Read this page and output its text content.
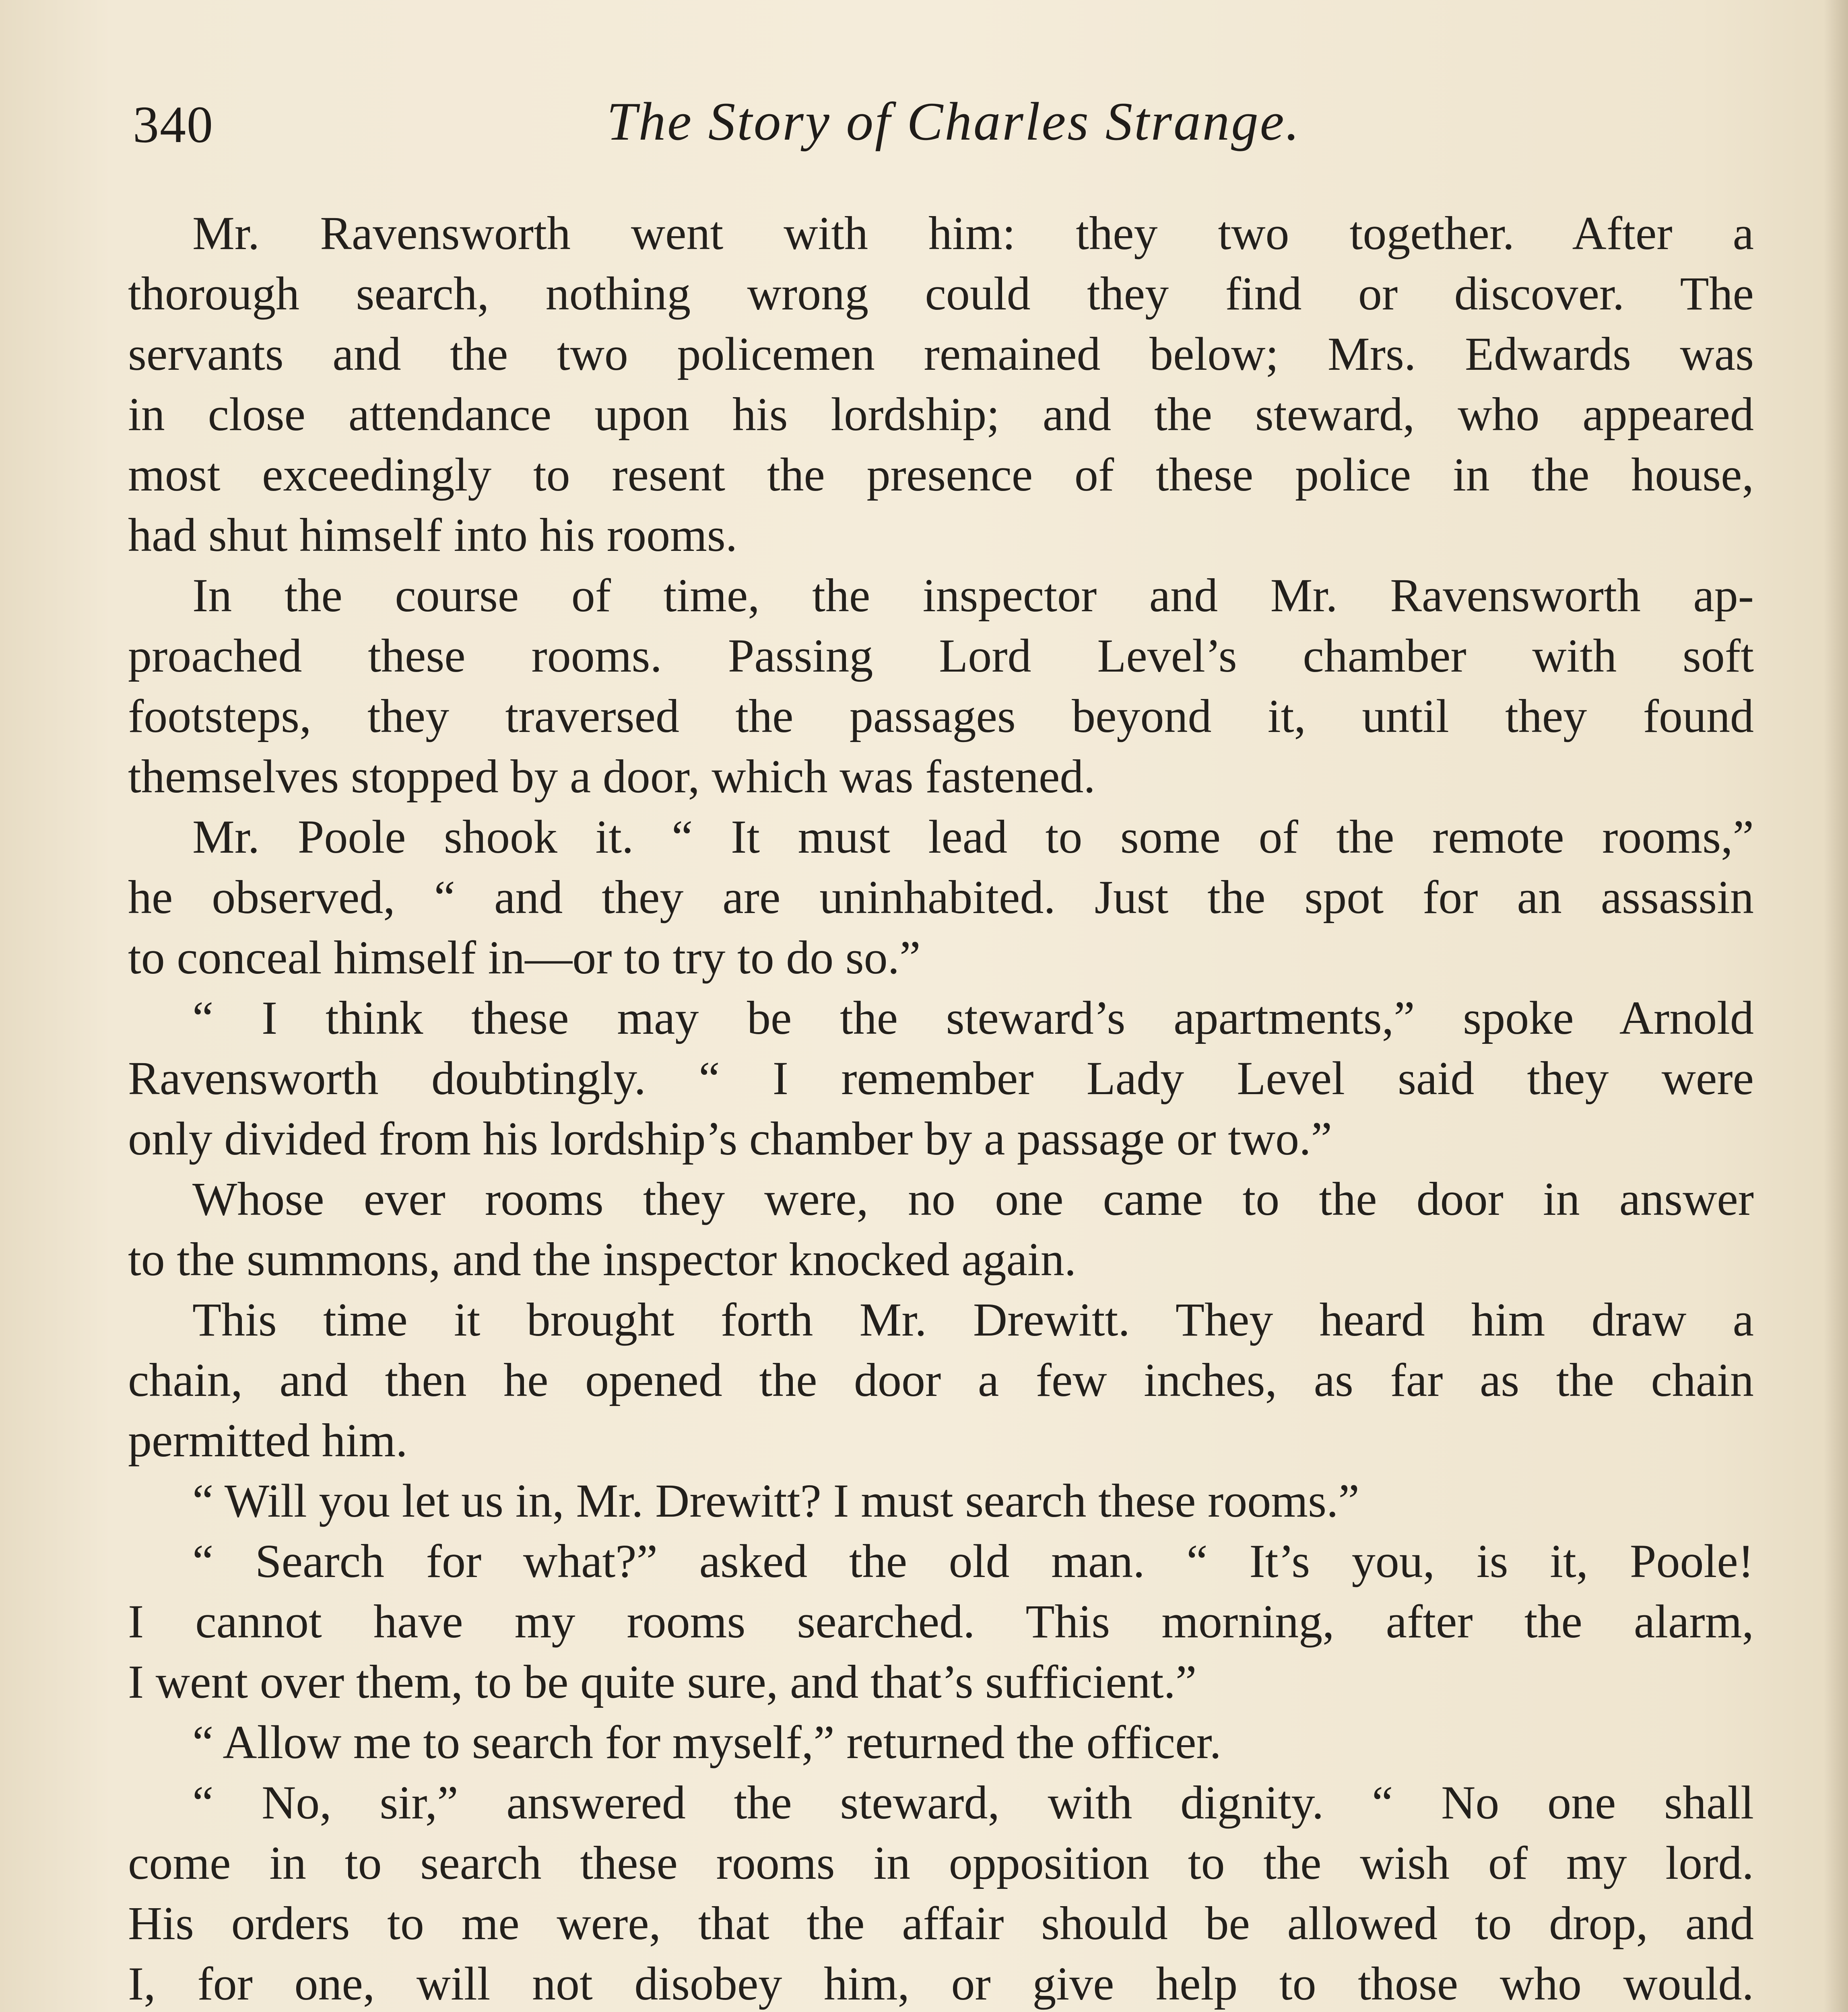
340	The Story of Charles Strange.
Mr. Ravensworth went with him: they two together. After a
thorough search, nothing wrong could they find or discover. The
servants and the two policemen remained below; Mrs. Edwards was
in close attendance upon his lordship; and the steward, who appeared
most exceedingly to resent the presence of these police in the house,
had shut himself into his rooms.
In the course of time, the inspector and Mr. Ravensworth ap-
proached these rooms. Passing Lord Level’s chamber with soft
footsteps, they traversed the passages beyond it, until they found
themselves stopped by a door, which was fastened.
Mr. Poole shook it. “ It must lead to some of the remote rooms,”
he observed, “ and they are uninhabited. Just the spot for an assassin
to conceal himself in—or to try to do so.”
“ I think these may be the steward’s apartments,” spoke Arnold
Ravensworth doubtingly. “ I remember Lady Level said they were
only divided from his lordship’s chamber by a passage or two.”
Whose ever rooms they were, no one came to the door in answer
to the summons, and the inspector knocked again.
This time it brought forth Mr. Drewitt. They heard him draw a
chain, and then he opened the door a few inches, as far as the chain
permitted him.
“ Will you let us in, Mr. Drewitt? I must search these rooms.”
“ Search for what?” asked the old man. “ It’s you, is it, Poole!
I cannot have my rooms searched. This morning, after the alarm,
I went over them, to be quite sure, and that’s sufficient.”
“ Allow me to search for myself,” returned the officer.
“ No, sir,” answered the steward, with dignity. “ No one shall
come in to search these rooms in opposition to the wish of my lord.
His orders to me were, that the affair should be allowed to drop, and
I, for one, will not disobey him, or give help to those who would.
